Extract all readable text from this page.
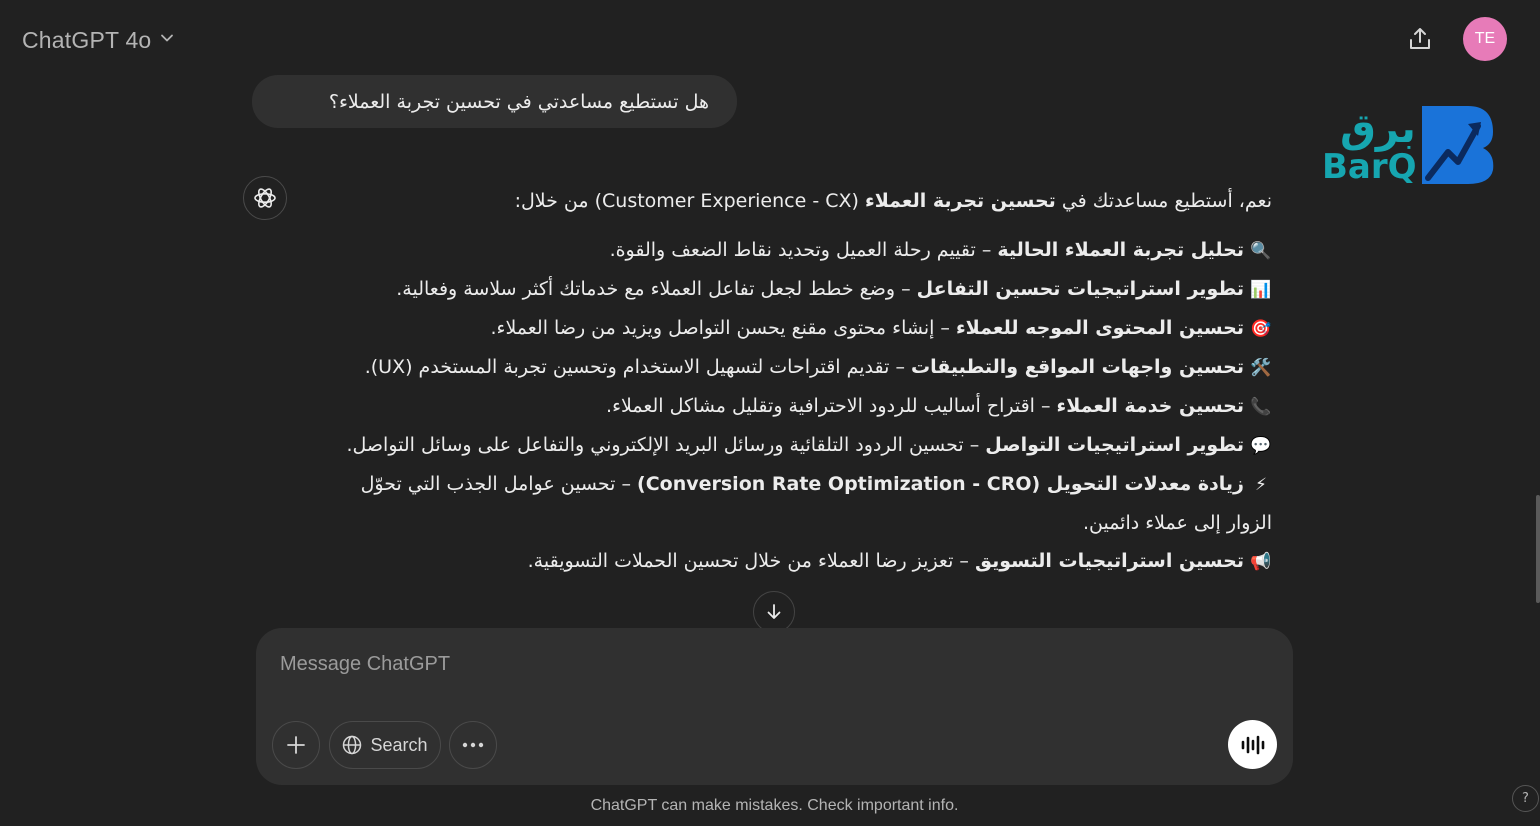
ChatGPT 4o	TE
برق
BarQ
هل تستطيع مساعدتي في تحسين تجربة العملاء؟

نعم، أستطيع مساعدتك في تحسين تجربة العملاء (Customer Experience - CX) من خلال:

🔍تحليل تجربة العملاء الحالية – تقييم رحلة العميل وتحديد نقاط الضعف والقوة.
📊تطوير استراتيجيات تحسين التفاعل – وضع خطط لجعل تفاعل العملاء مع خدماتك أكثر سلاسة وفعالية.
🎯تحسين المحتوى الموجه للعملاء – إنشاء محتوى مقنع يحسن التواصل ويزيد من رضا العملاء.
🛠️تحسين واجهات المواقع والتطبيقات – تقديم اقتراحات لتسهيل الاستخدام وتحسين تجربة المستخدم (UX).
📞تحسين خدمة العملاء – اقتراح أساليب للردود الاحترافية وتقليل مشاكل العملاء.
💬تطوير استراتيجيات التواصل – تحسين الردود التلقائية ورسائل البريد الإلكتروني والتفاعل على وسائل التواصل.
⚡زيادة معدلات التحويل (Conversion Rate Optimization - CRO) – تحسين عوامل الجذب التي تحوّل الزوار إلى عملاء دائمين.
📢تحسين استراتيجيات التسويق – تعزيز رضا العملاء من خلال تحسين الحملات التسويقية.
Message ChatGPT
Search
ChatGPT can make mistakes. Check important info.	?
